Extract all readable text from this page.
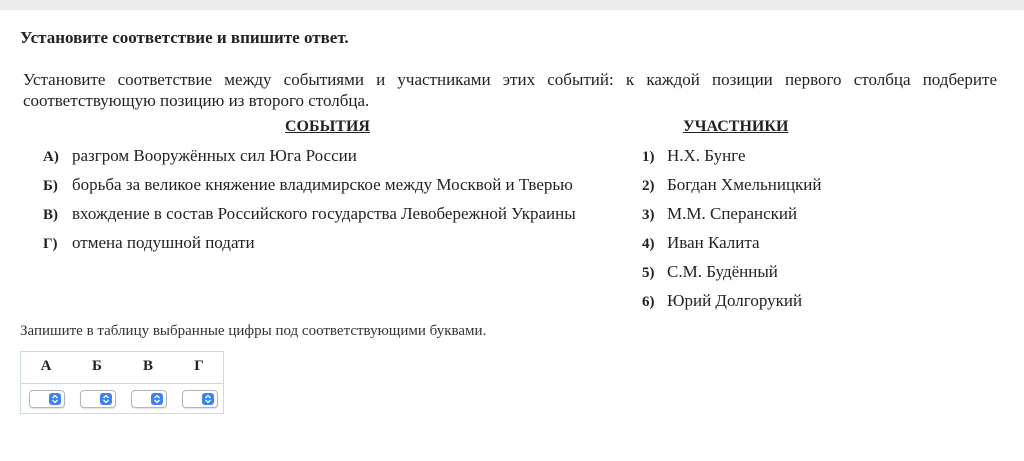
Установите соответствие и впишите ответ.
Установите соответствие между событиями и участниками этих событий: к каждой позиции первого столбца подберите соответствующую позицию из второго столбца.
СОБЫТИЯ	УЧАСТНИКИ
А) разгром Вооружённых сил Юга России
Б) борьба за великое княжение владимирское между Москвой и Тверью
В) вхождение в состав Российского государства Левобережной Украины
Г) отмена подушной подати
1) Н.Х. Бунге
2) Богдан Хмельницкий
3) М.М. Сперанский
4) Иван Калита
5) С.М. Будённый
6) Юрий Долгорукий
Запишите в таблицу выбранные цифры под соответствующими буквами.
А	Б	В	Г
